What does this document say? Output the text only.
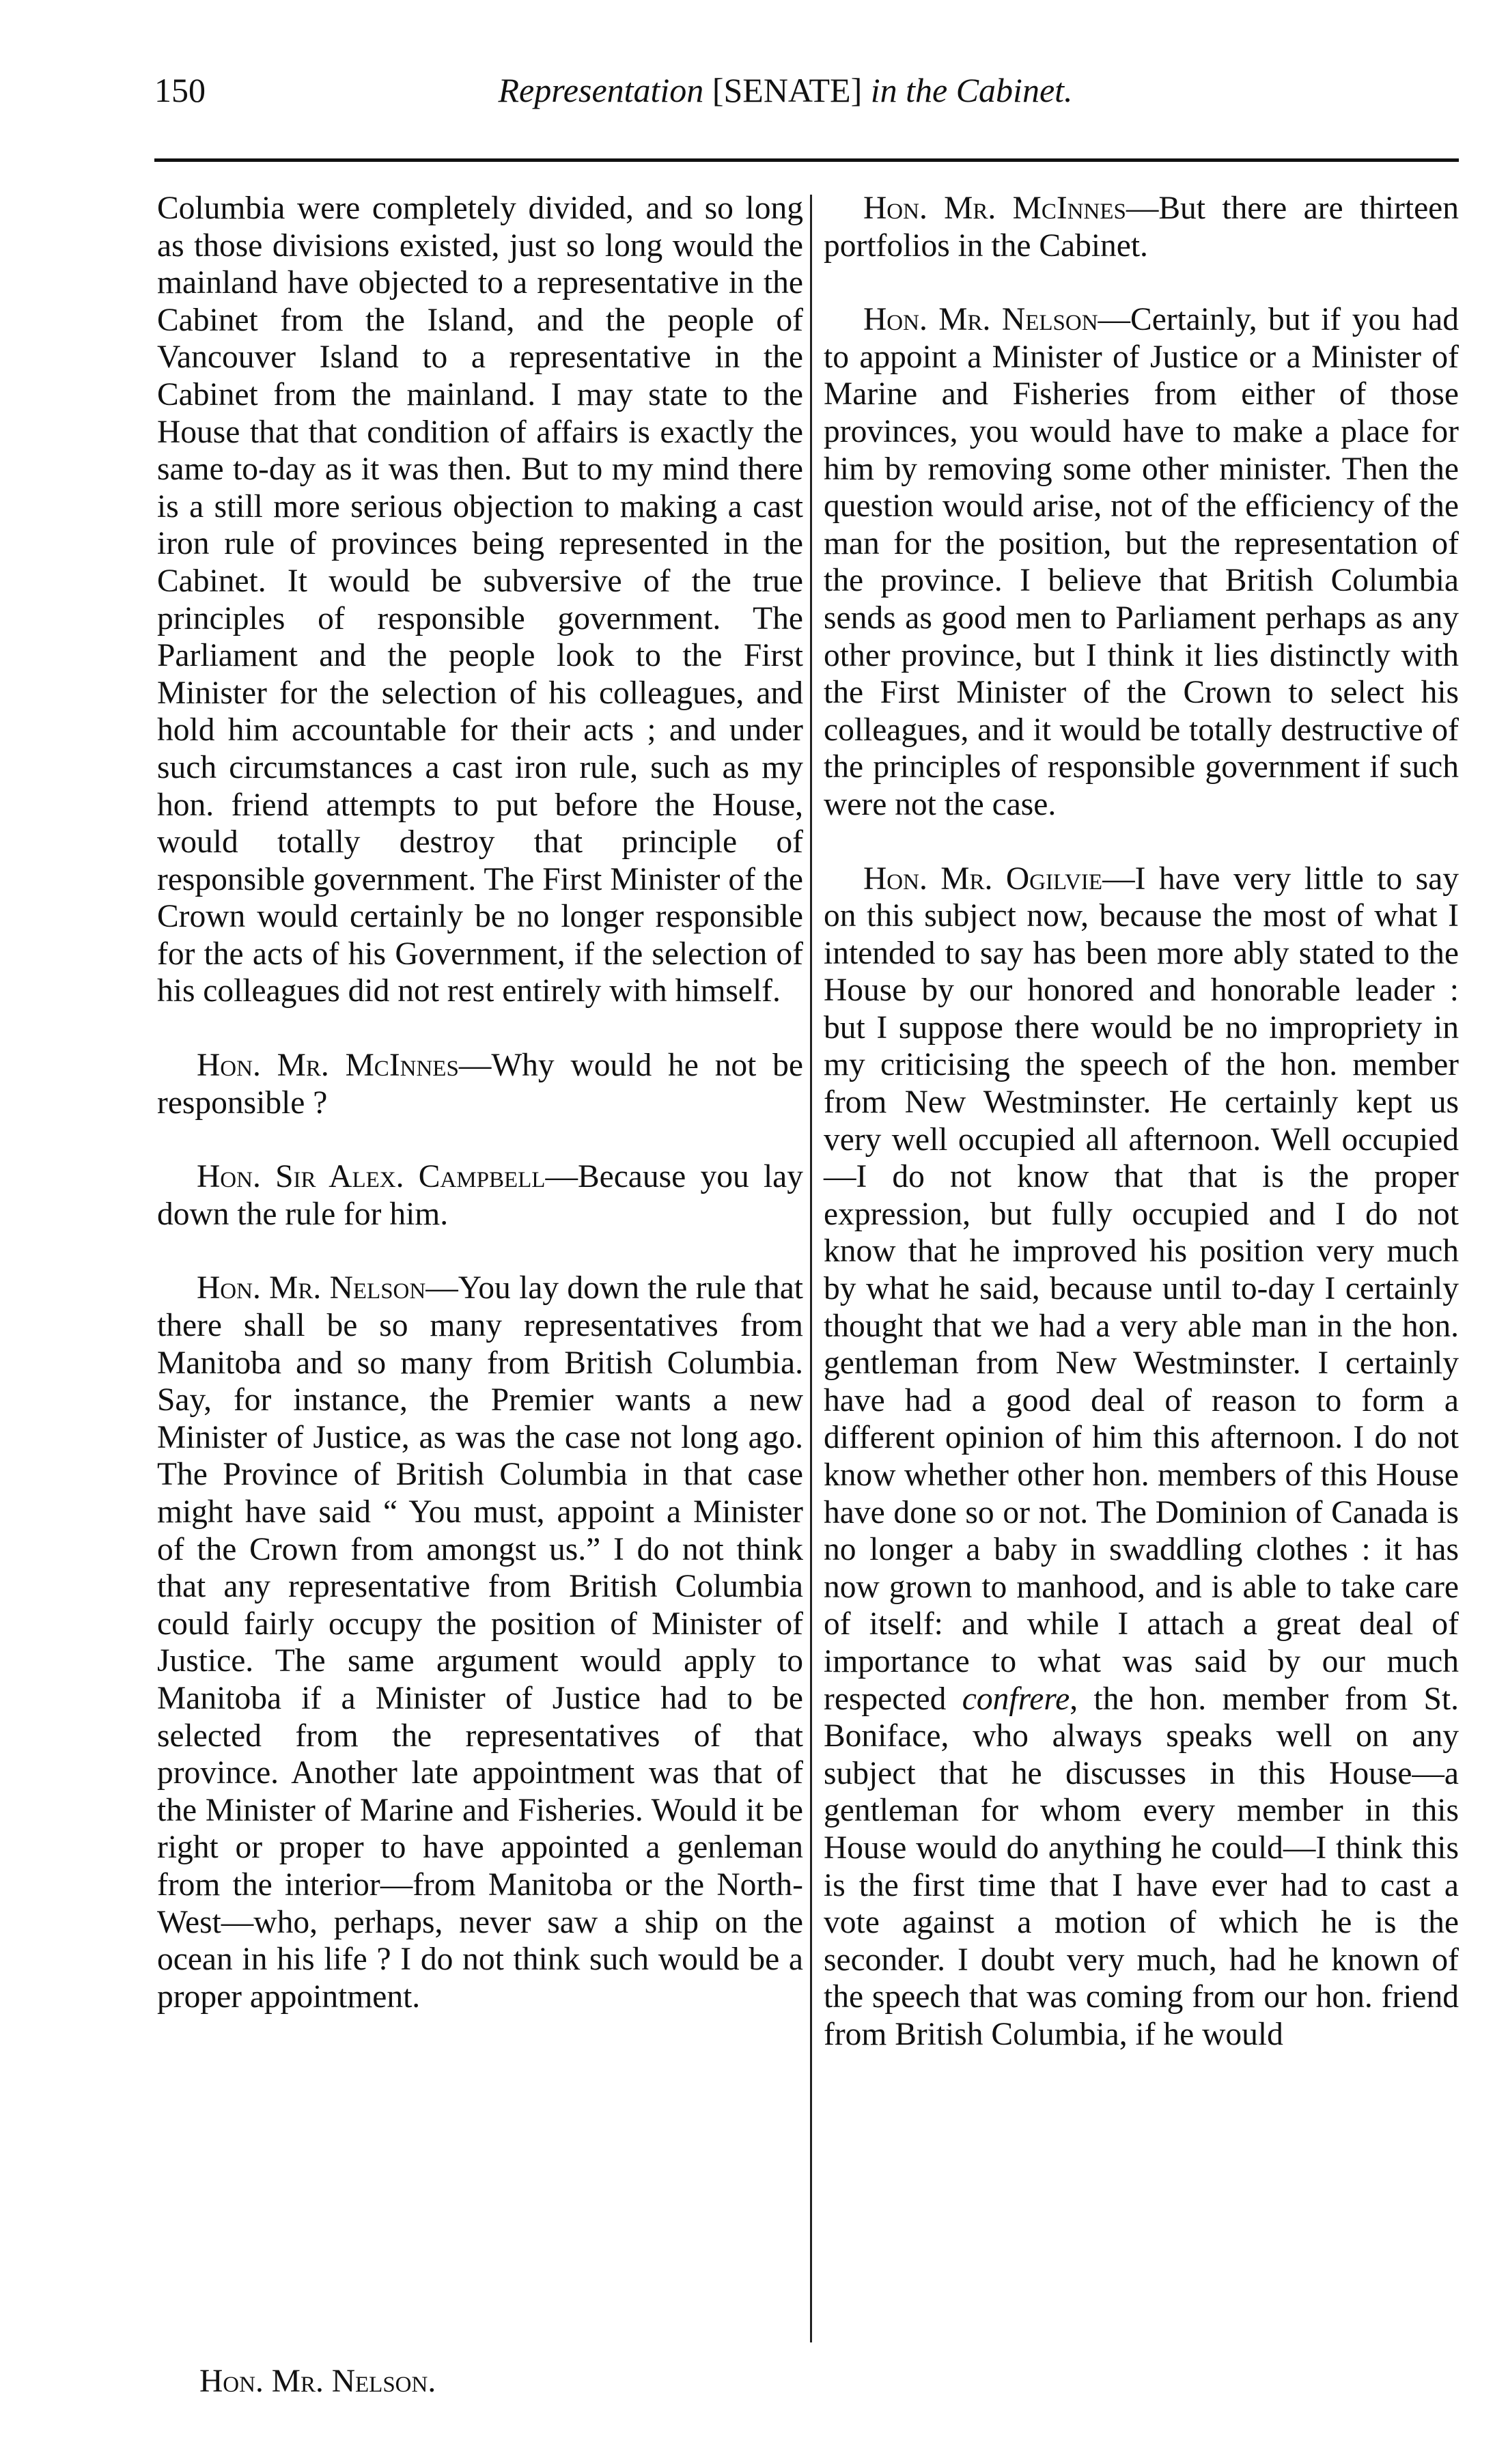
150	Representation [SENATE] in the Cabinet.

Columbia were completely divided, and so long as those divisions existed, just so long would the mainland have objected to a representative in the Cabinet from the Island, and the people of Vancouver Island to a representative in the Cabinet from the mainland. I may state to the House that that condition of affairs is exactly the same to-day as it was then. But to my mind there is a still more serious objection to making a cast iron rule of provinces being represented in the Cabinet. It would be subversive of the true principles of responsible government. The Parliament and the people look to the First Minister for the selection of his colleagues, and hold him accountable for their acts ; and under such circumstances a cast iron rule, such as my hon. friend attempts to put before the House, would totally destroy that principle of responsible government. The First Minister of the Crown would certainly be no longer responsible for the acts of his Government, if the selection of his colleagues did not rest entirely with himself.

Hon. Mr. McInnes—Why would he not be responsible ?

Hon. Sir Alex. Campbell—Because you lay down the rule for him.

Hon. Mr. Nelson—You lay down the rule that there shall be so many representatives from Manitoba and so many from British Columbia. Say, for instance, the Premier wants a new Minister of Justice, as was the case not long ago. The Province of British Columbia in that case might have said “ You must, appoint a Minister of the Crown from amongst us.” I do not think that any representative from British Columbia could fairly occupy the position of Minister of Justice. The same argument would apply to Manitoba if a Minister of Justice had to be selected from the representatives of that province. Another late appointment was that of the Minister of Marine and Fisheries. Would it be right or proper to have appointed a genleman from the interior—from Manitoba or the North-West—who, perhaps, never saw a ship on the ocean in his life ? I do not think such would be a proper appointment.

Hon. Mr. McInnes—But there are thirteen portfolios in the Cabinet.

Hon. Mr. Nelson—Certainly, but if you had to appoint a Minister of Justice or a Minister of Marine and Fisheries from either of those provinces, you would have to make a place for him by removing some other minister. Then the question would arise, not of the efficiency of the man for the position, but the representation of the province. I believe that British Columbia sends as good men to Parliament perhaps as any other province, but I think it lies distinctly with the First Minister of the Crown to select his colleagues, and it would be totally destructive of the principles of responsible government if such were not the case.

Hon. Mr. Ogilvie—I have very little to say on this subject now, because the most of what I intended to say has been more ably stated to the House by our honored and honorable leader : but I suppose there would be no impropriety in my criticising the speech of the hon. member from New Westminster. He certainly kept us very well occupied all afternoon. Well occupied—I do not know that that is the proper expression, but fully occupied and I do not know that he improved his position very much by what he said, because until to-day I certainly thought that we had a very able man in the hon. gentleman from New Westminster. I certainly have had a good deal of reason to form a different opinion of him this afternoon. I do not know whether other hon. members of this House have done so or not. The Dominion of Canada is no longer a baby in swaddling clothes : it has now grown to manhood, and is able to take care of itself: and while I attach a great deal of importance to what was said by our much respected confrere, the hon. member from St. Boniface, who always speaks well on any subject that he discusses in this House—a gentleman for whom every member in this House would do anything he could—I think this is the first time that I have ever had to cast a vote against a motion of which he is the seconder. I doubt very much, had he known of the speech that was coming from our hon. friend from British Columbia, if he would

Hon. Mr. Nelson.
